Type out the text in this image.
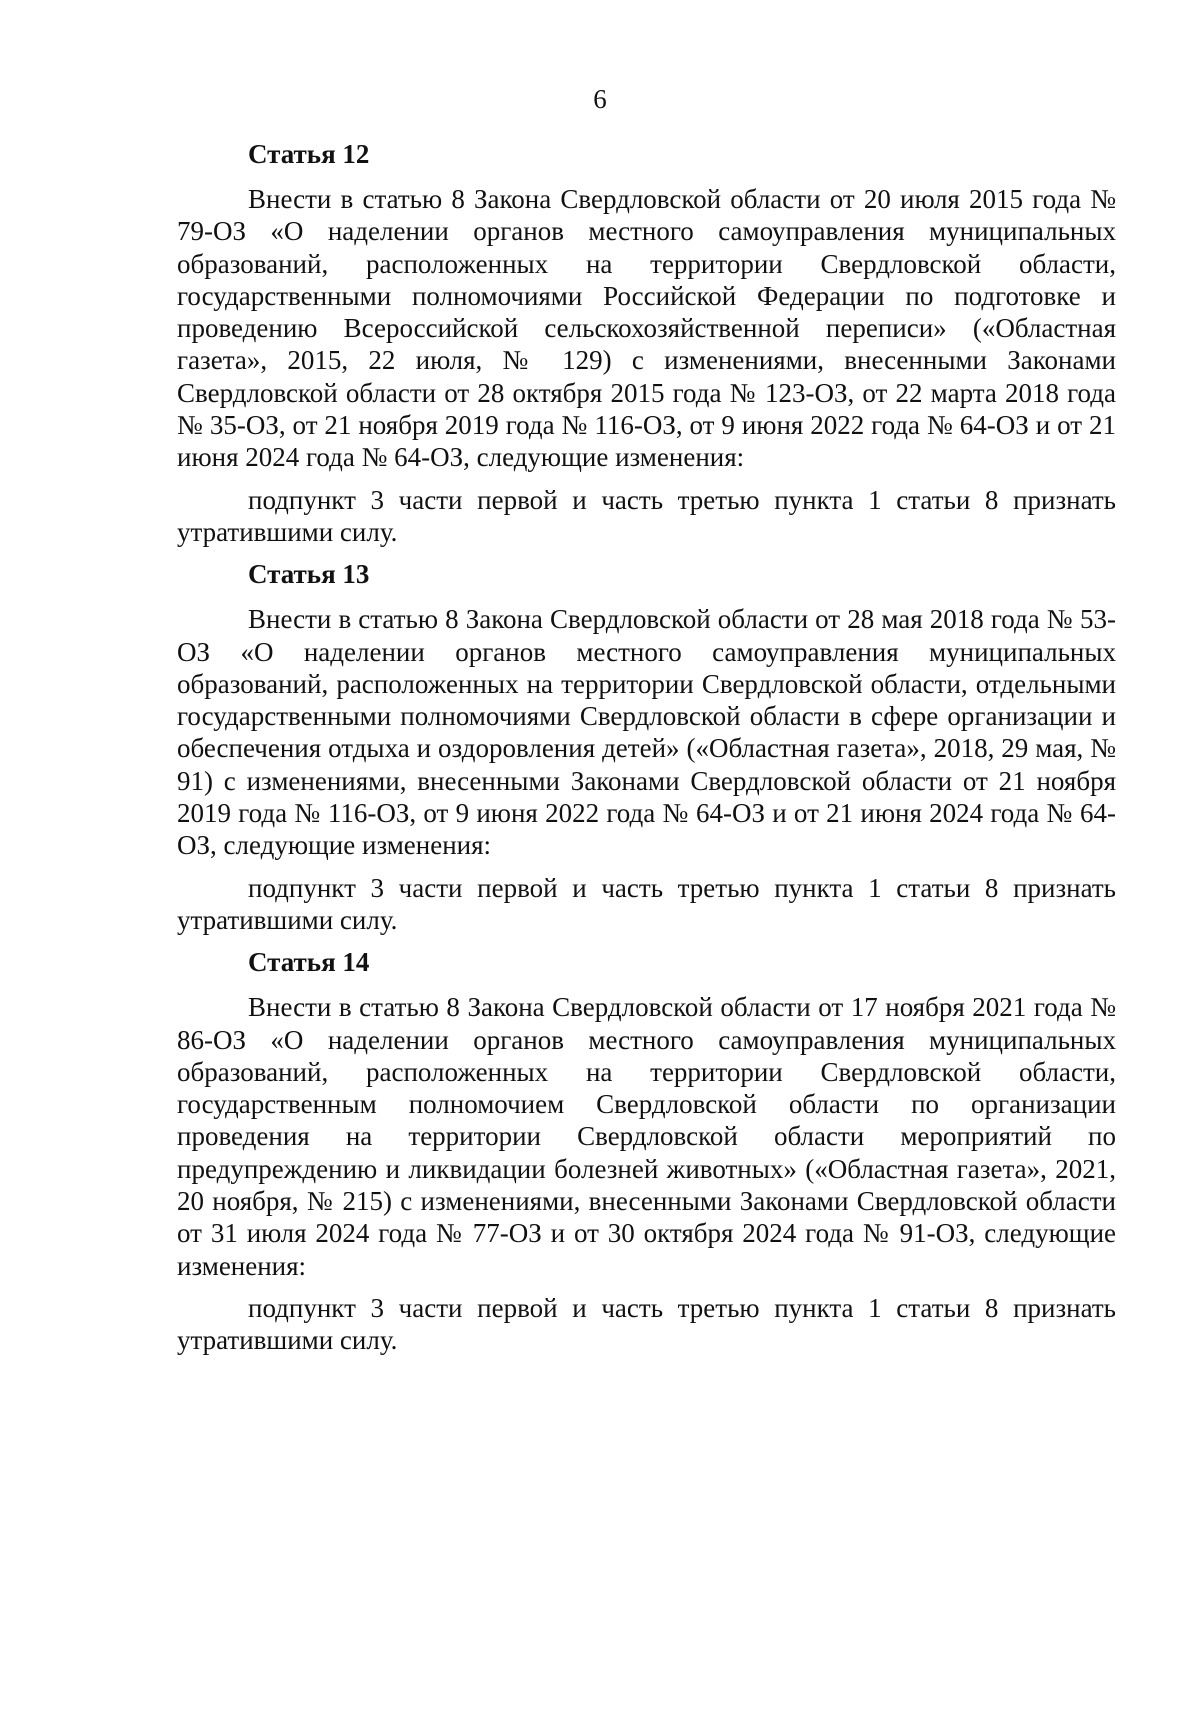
6
Статья 12

Внести в статью 8 Закона Свердловской области от 20 июля 2015 года № 79-ОЗ «О наделении органов местного самоуправления муниципальных образований, расположенных на территории Свердловской области, государственными полномочиями Российской Федерации по подготовке и проведению Всероссийской сельскохозяйственной переписи» («Областная газета», 2015, 22 июля, № 129) с изменениями, внесенными Законами Свердловской области от 28 октября 2015 года № 123-ОЗ, от 22 марта 2018 года № 35-ОЗ, от 21 ноября 2019 года № 116-ОЗ, от 9 июня 2022 года № 64-ОЗ и от 21 июня 2024 года № 64-ОЗ, следующие изменения:

подпункт 3 части первой и часть третью пункта 1 статьи 8 признать утратившими силу.

Статья 13

Внести в статью 8 Закона Свердловской области от 28 мая 2018 года № 53-ОЗ «О наделении органов местного самоуправления муниципальных образований, расположенных на территории Свердловской области, отдельными государственными полномочиями Свердловской области в сфере организации и обеспечения отдыха и оздоровления детей» («Областная газета», 2018, 29 мая, № 91) с изменениями, внесенными Законами Свердловской области от 21 ноября 2019 года № 116-ОЗ, от 9 июня 2022 года № 64-ОЗ и от 21 июня 2024 года № 64-ОЗ, следующие изменения:

подпункт 3 части первой и часть третью пункта 1 статьи 8 признать утратившими силу.

Статья 14

Внести в статью 8 Закона Свердловской области от 17 ноября 2021 года № 86-ОЗ «О наделении органов местного самоуправления муниципальных образований, расположенных на территории Свердловской области, государственным полномочием Свердловской области по организации проведения на территории Свердловской области мероприятий по предупреждению и ликвидации болезней животных» («Областная газета», 2021, 20 ноября, № 215) с изменениями, внесенными Законами Свердловской области от 31 июля 2024 года № 77-ОЗ и от 30 октября 2024 года № 91-ОЗ, следующие изменения:

подпункт 3 части первой и часть третью пункта 1 статьи 8 признать утратившими силу.
